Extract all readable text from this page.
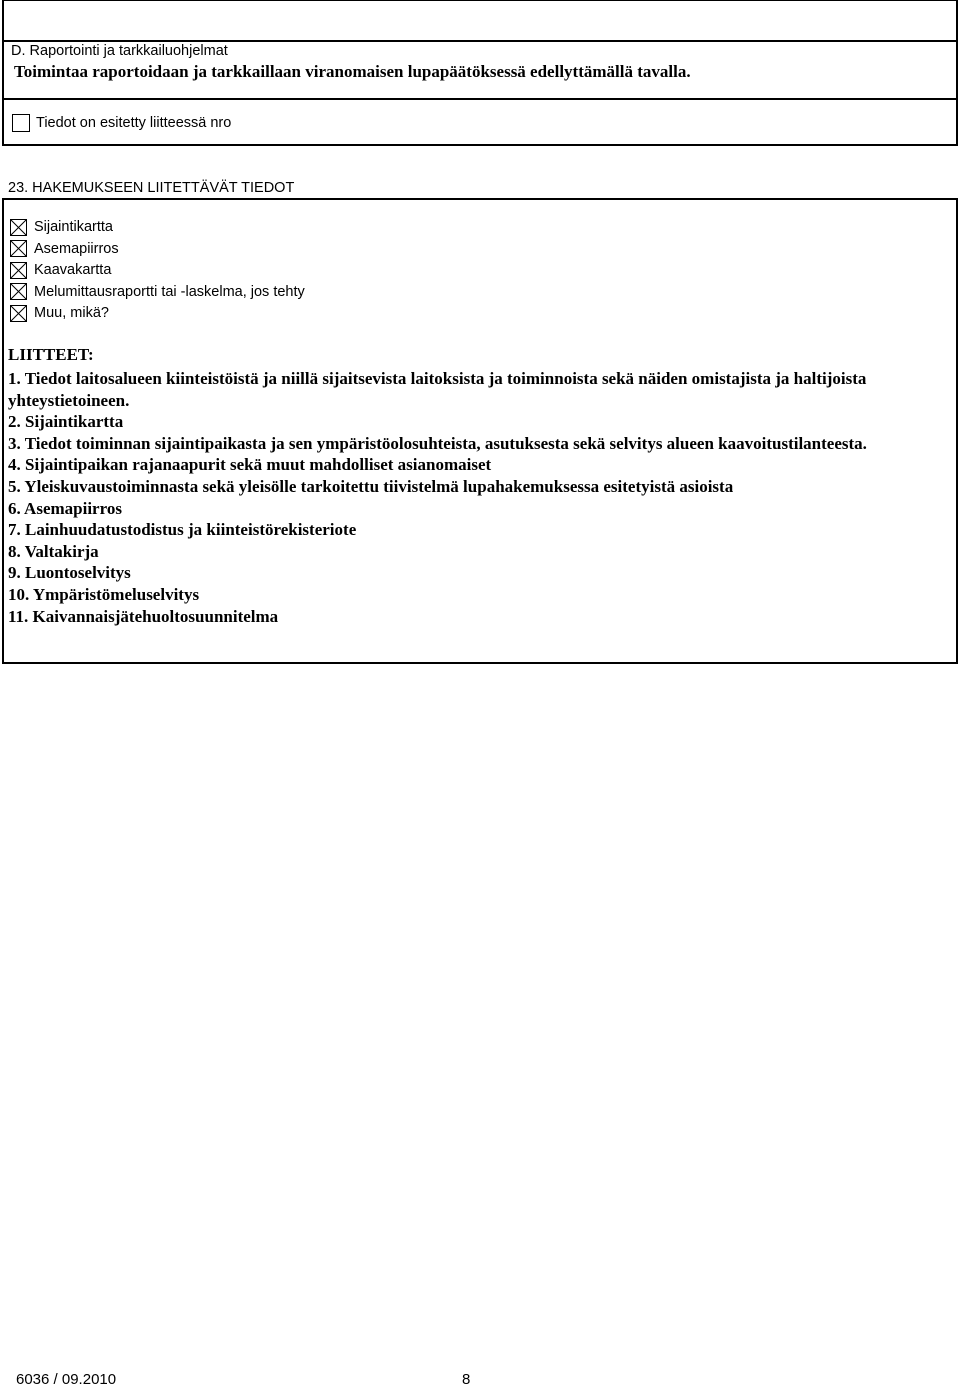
D. Raportointi ja tarkkailuohjelmat
Toimintaa raportoidaan ja tarkkaillaan viranomaisen lupapäätöksessä edellyttämällä tavalla.
Tiedot on esitetty liitteessä nro
23. HAKEMUKSEEN LIITETTÄVÄT TIEDOT
Sijaintikartta
Asemapiirros
Kaavakartta
Melumittausraportti tai -laskelma, jos tehty
Muu, mikä?
LIITTEET:
1. Tiedot laitosalueen kiinteistöistä ja niillä sijaitsevista laitoksista ja toiminnoista sekä näiden omistajista ja haltijoista yhteystietoineen.
2. Sijaintikartta
3. Tiedot toiminnan sijaintipaikasta ja sen ympäristöolosuhteista, asutuksesta sekä selvitys alueen kaavoitustilanteesta.
4. Sijaintipaikan rajanaapurit sekä muut mahdolliset asianomaiset
5. Yleiskuvaustoiminnasta sekä yleisölle tarkoitettu tiivistelmä lupahakemuksessa esitetyistä asioista
6. Asemapiirros
7. Lainhuudatustodistus ja kiinteistörekisteriote
8. Valtakirja
9. Luontoselvitys
10. Ympäristömeluselvitys
11. Kaivannaisjätehuoltosuunnitelma
6036 / 09.2010	8
